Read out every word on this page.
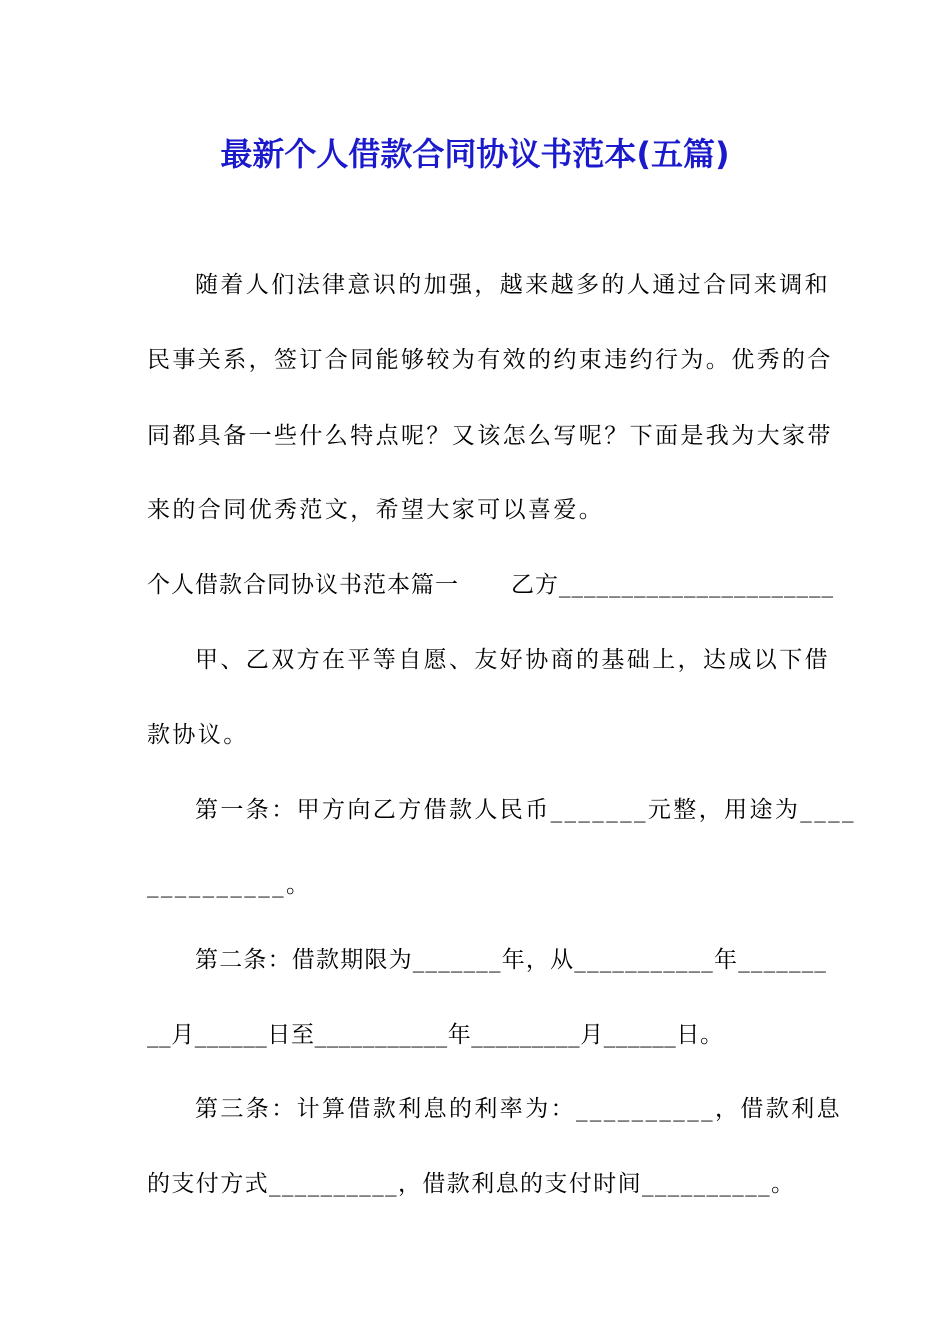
最新个人借款合同协议书范本(五篇)
随着人们法律意识的加强，越来越多的人通过合同来调和
民事关系，签订合同能够较为有效的约束违约行为。优秀的合
同都具备一些什么特点呢？又该怎么写呢？下面是我为大家带
来的合同优秀范文，希望大家可以喜爱。
个人借款合同协议书范本篇一 乙方______________________
甲、乙双方在平等自愿、友好协商的基础上，达成以下借
款协议。
第一条：甲方向乙方借款人民币_______元整，用途为____
__________。
第二条：借款期限为_______年，从___________年_______
__月______日至___________年_________月______日。
第三条：计算借款利息的利率为：__________，借款利息
的支付方式__________，借款利息的支付时间__________。
